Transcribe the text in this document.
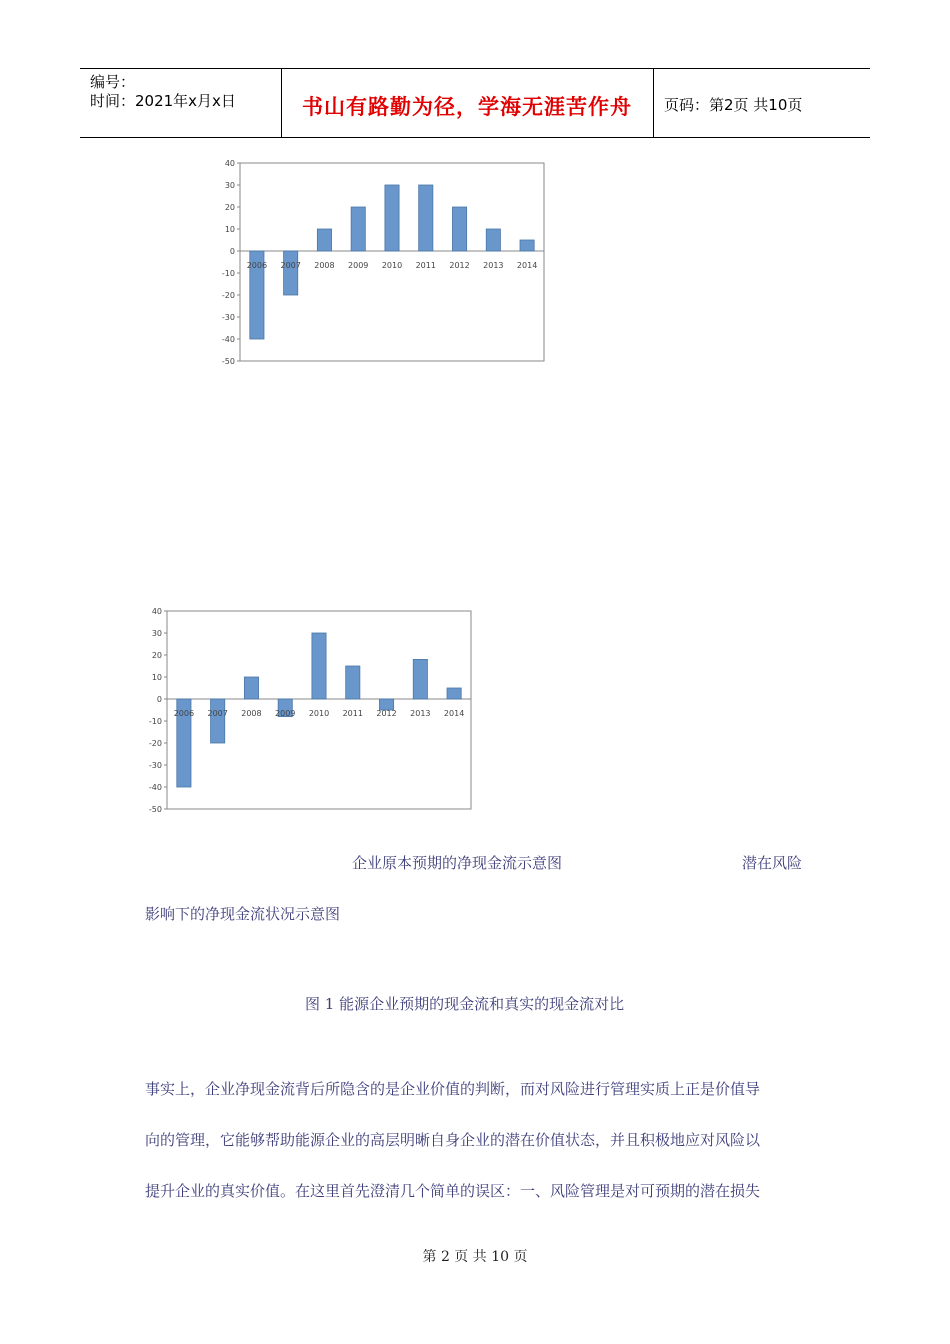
编号：
时间：2021年x月x日	书山有路勤为径，学海无涯苦作舟	页码：第2页 共10页
40
30
20
10
0
-10
-20
-30
-40
-50
2006 2007 2008 2009 2010 2011 2012 2013 2014
40
30
20
10
0
-10
-20
-30
-40
-50
2006 2007 2008 2009 2010 2011 2012 2013 2014
企业原本预期的净现金流示意图	潜在风险
影响下的净现金流状况示意图
图 1 能源企业预期的现金流和真实的现金流对比
事实上，企业净现金流背后所隐含的是企业价值的判断，而对风险进行管理实质上正是价值导
向的管理，它能够帮助能源企业的高层明晰自身企业的潜在价值状态，并且积极地应对风险以
提升企业的真实价值。在这里首先澄清几个简单的误区：一、风险管理是对可预期的潜在损失
第 2 页 共 10 页
